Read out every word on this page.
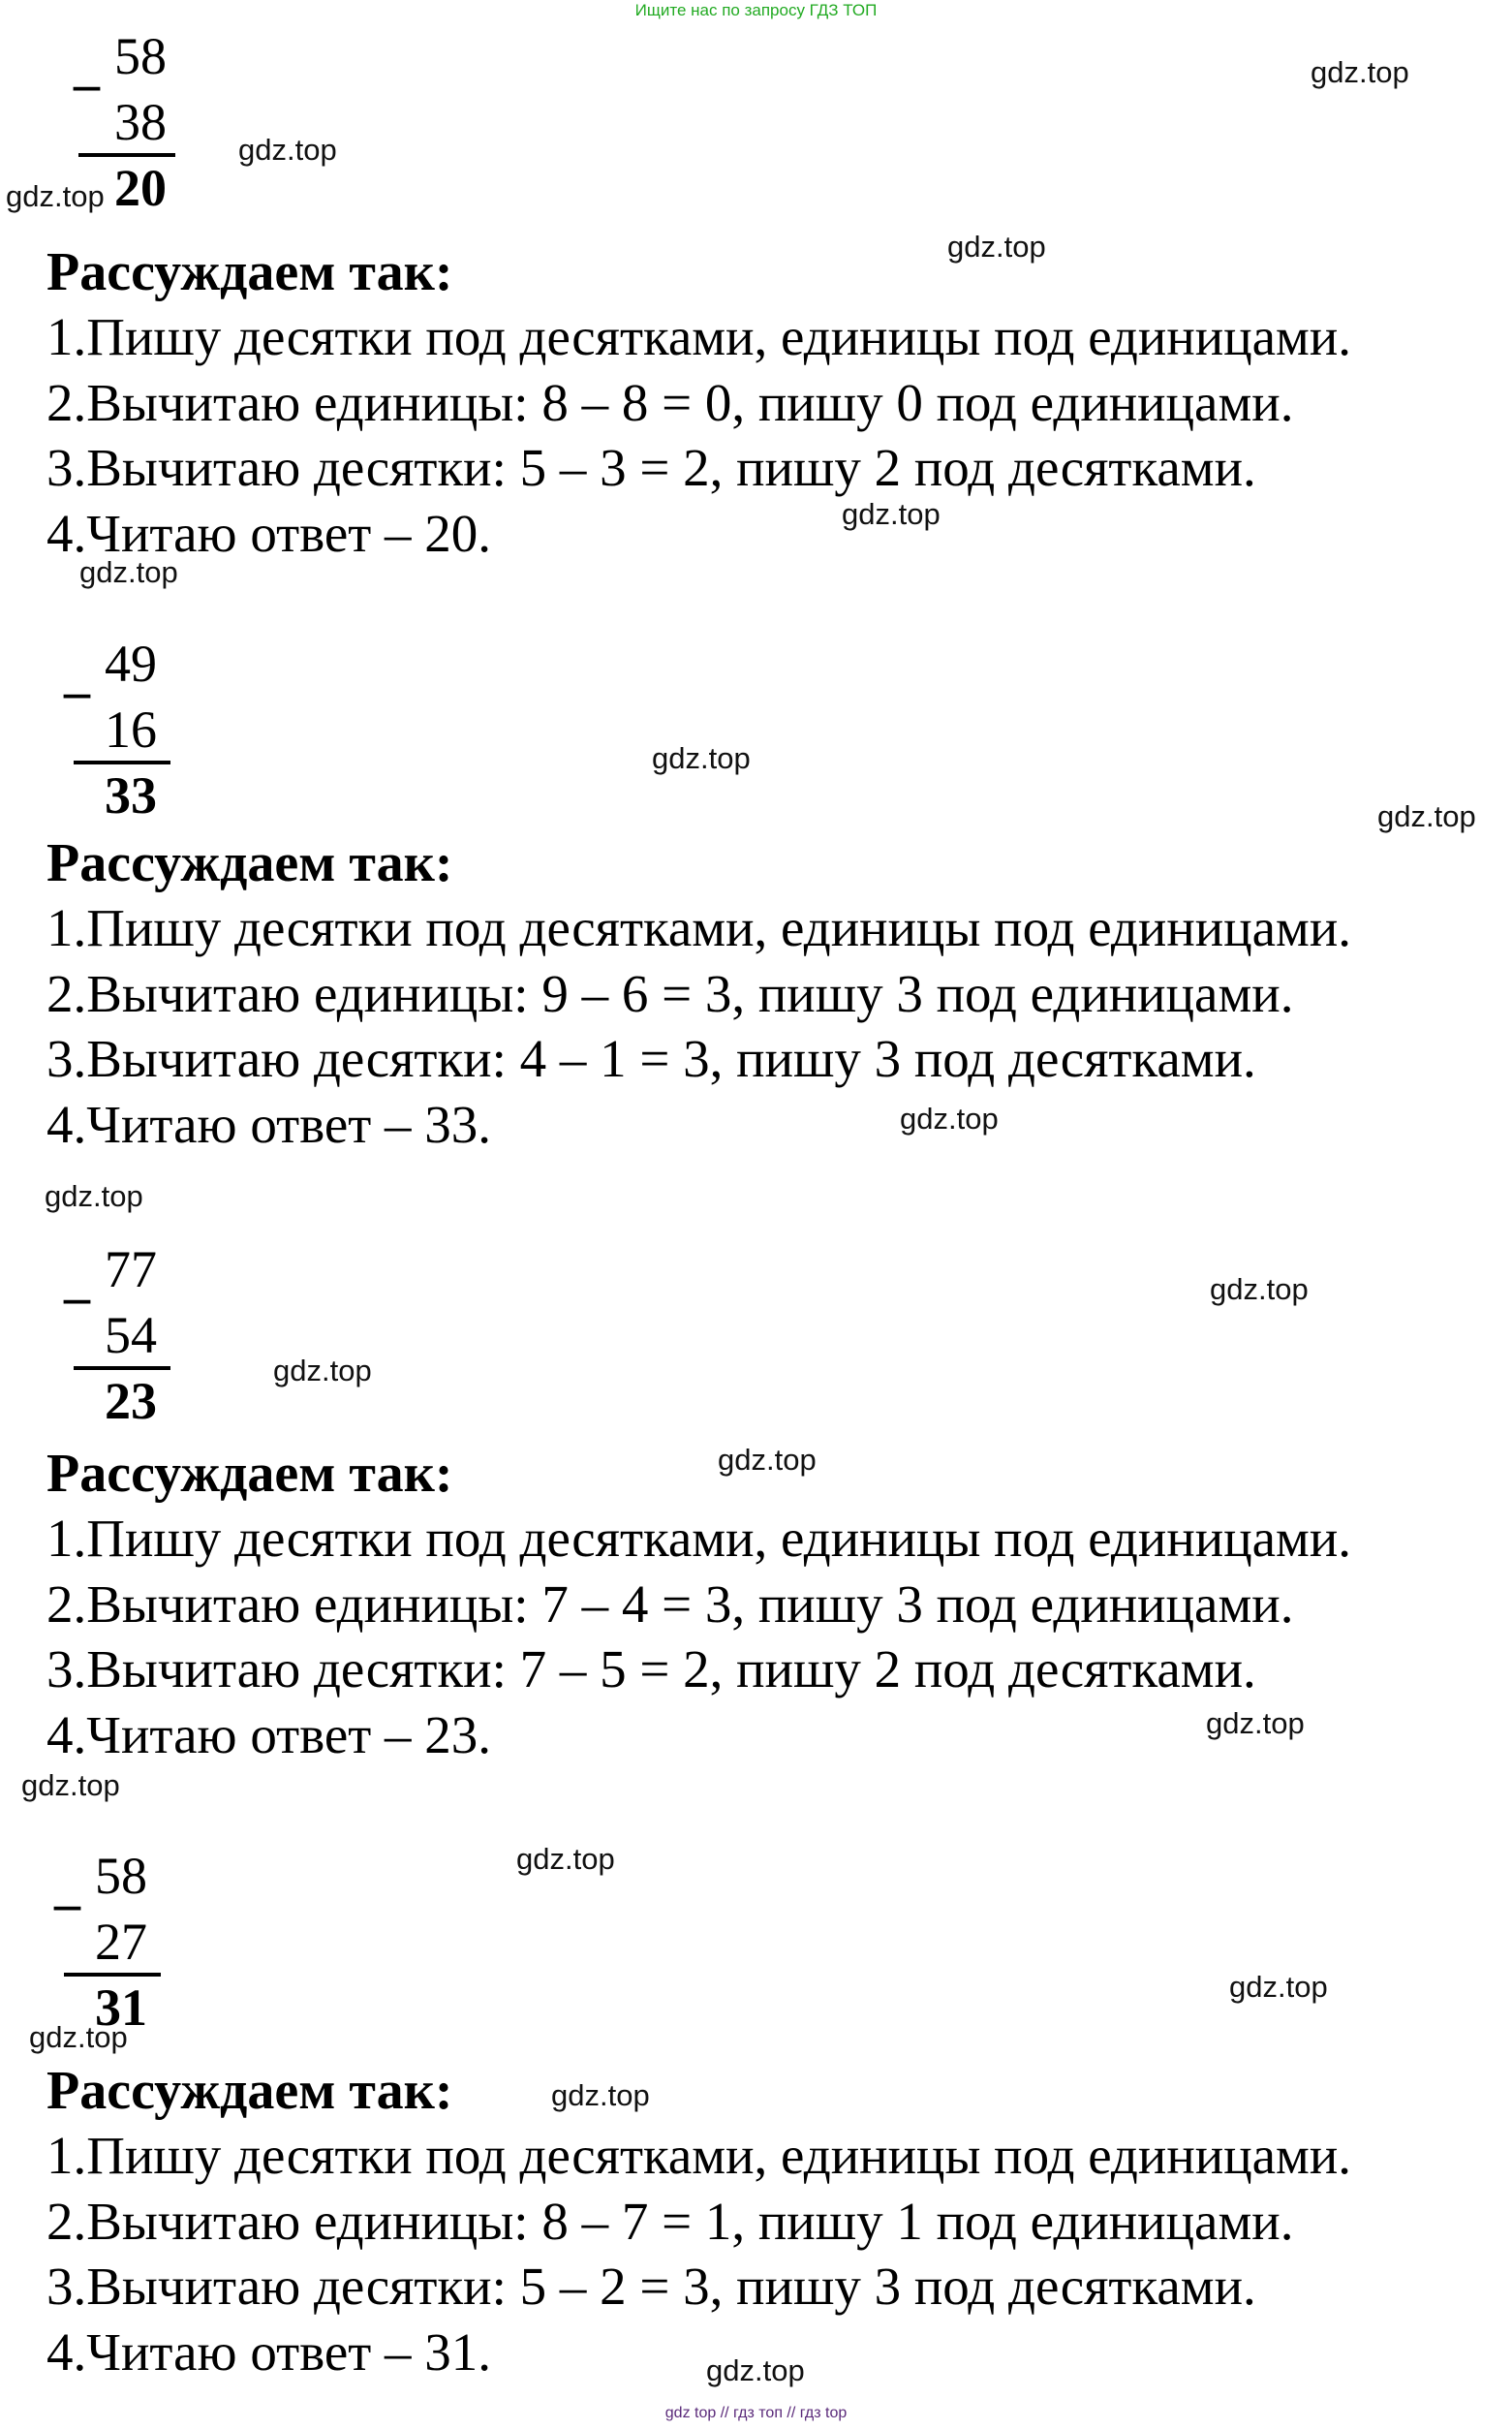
Ищите нас по запросу ГДЗ ТОП
_ 58
38
20
Рассуждаем так:
1.Пишу десятки под десятками, единицы под единицами.
2.Вычитаю единицы: 8 – 8 = 0, пишу 0 под единицами.
3.Вычитаю десятки: 5 – 3 = 2, пишу 2 под десятками.
4.Читаю ответ – 20.
_ 49
16
33
Рассуждаем так:
1.Пишу десятки под десятками, единицы под единицами.
2.Вычитаю единицы: 9 – 6 = 3, пишу 3 под единицами.
3.Вычитаю десятки: 4 – 1 = 3, пишу 3 под десятками.
4.Читаю ответ – 33.
_ 77
54
23
Рассуждаем так:
1.Пишу десятки под десятками, единицы под единицами.
2.Вычитаю единицы: 7 – 4 = 3, пишу 3 под единицами.
3.Вычитаю десятки: 7 – 5 = 2, пишу 2 под десятками.
4.Читаю ответ – 23.
_ 58
27
31
Рассуждаем так:
1.Пишу десятки под десятками, единицы под единицами.
2.Вычитаю единицы: 8 – 7 = 1, пишу 1 под единицами.
3.Вычитаю десятки: 5 – 2 = 3, пишу 3 под десятками.
4.Читаю ответ – 31.
gdz.top
gdz.top
gdz.top
gdz.top
gdz.top
gdz.top
gdz.top
gdz.top
gdz.top
gdz.top
gdz.top
gdz.top
gdz.top
gdz.top
gdz.top
gdz.top
gdz.top
gdz.top
gdz.top
gdz.top
gdz top // гдз топ // гдз top
